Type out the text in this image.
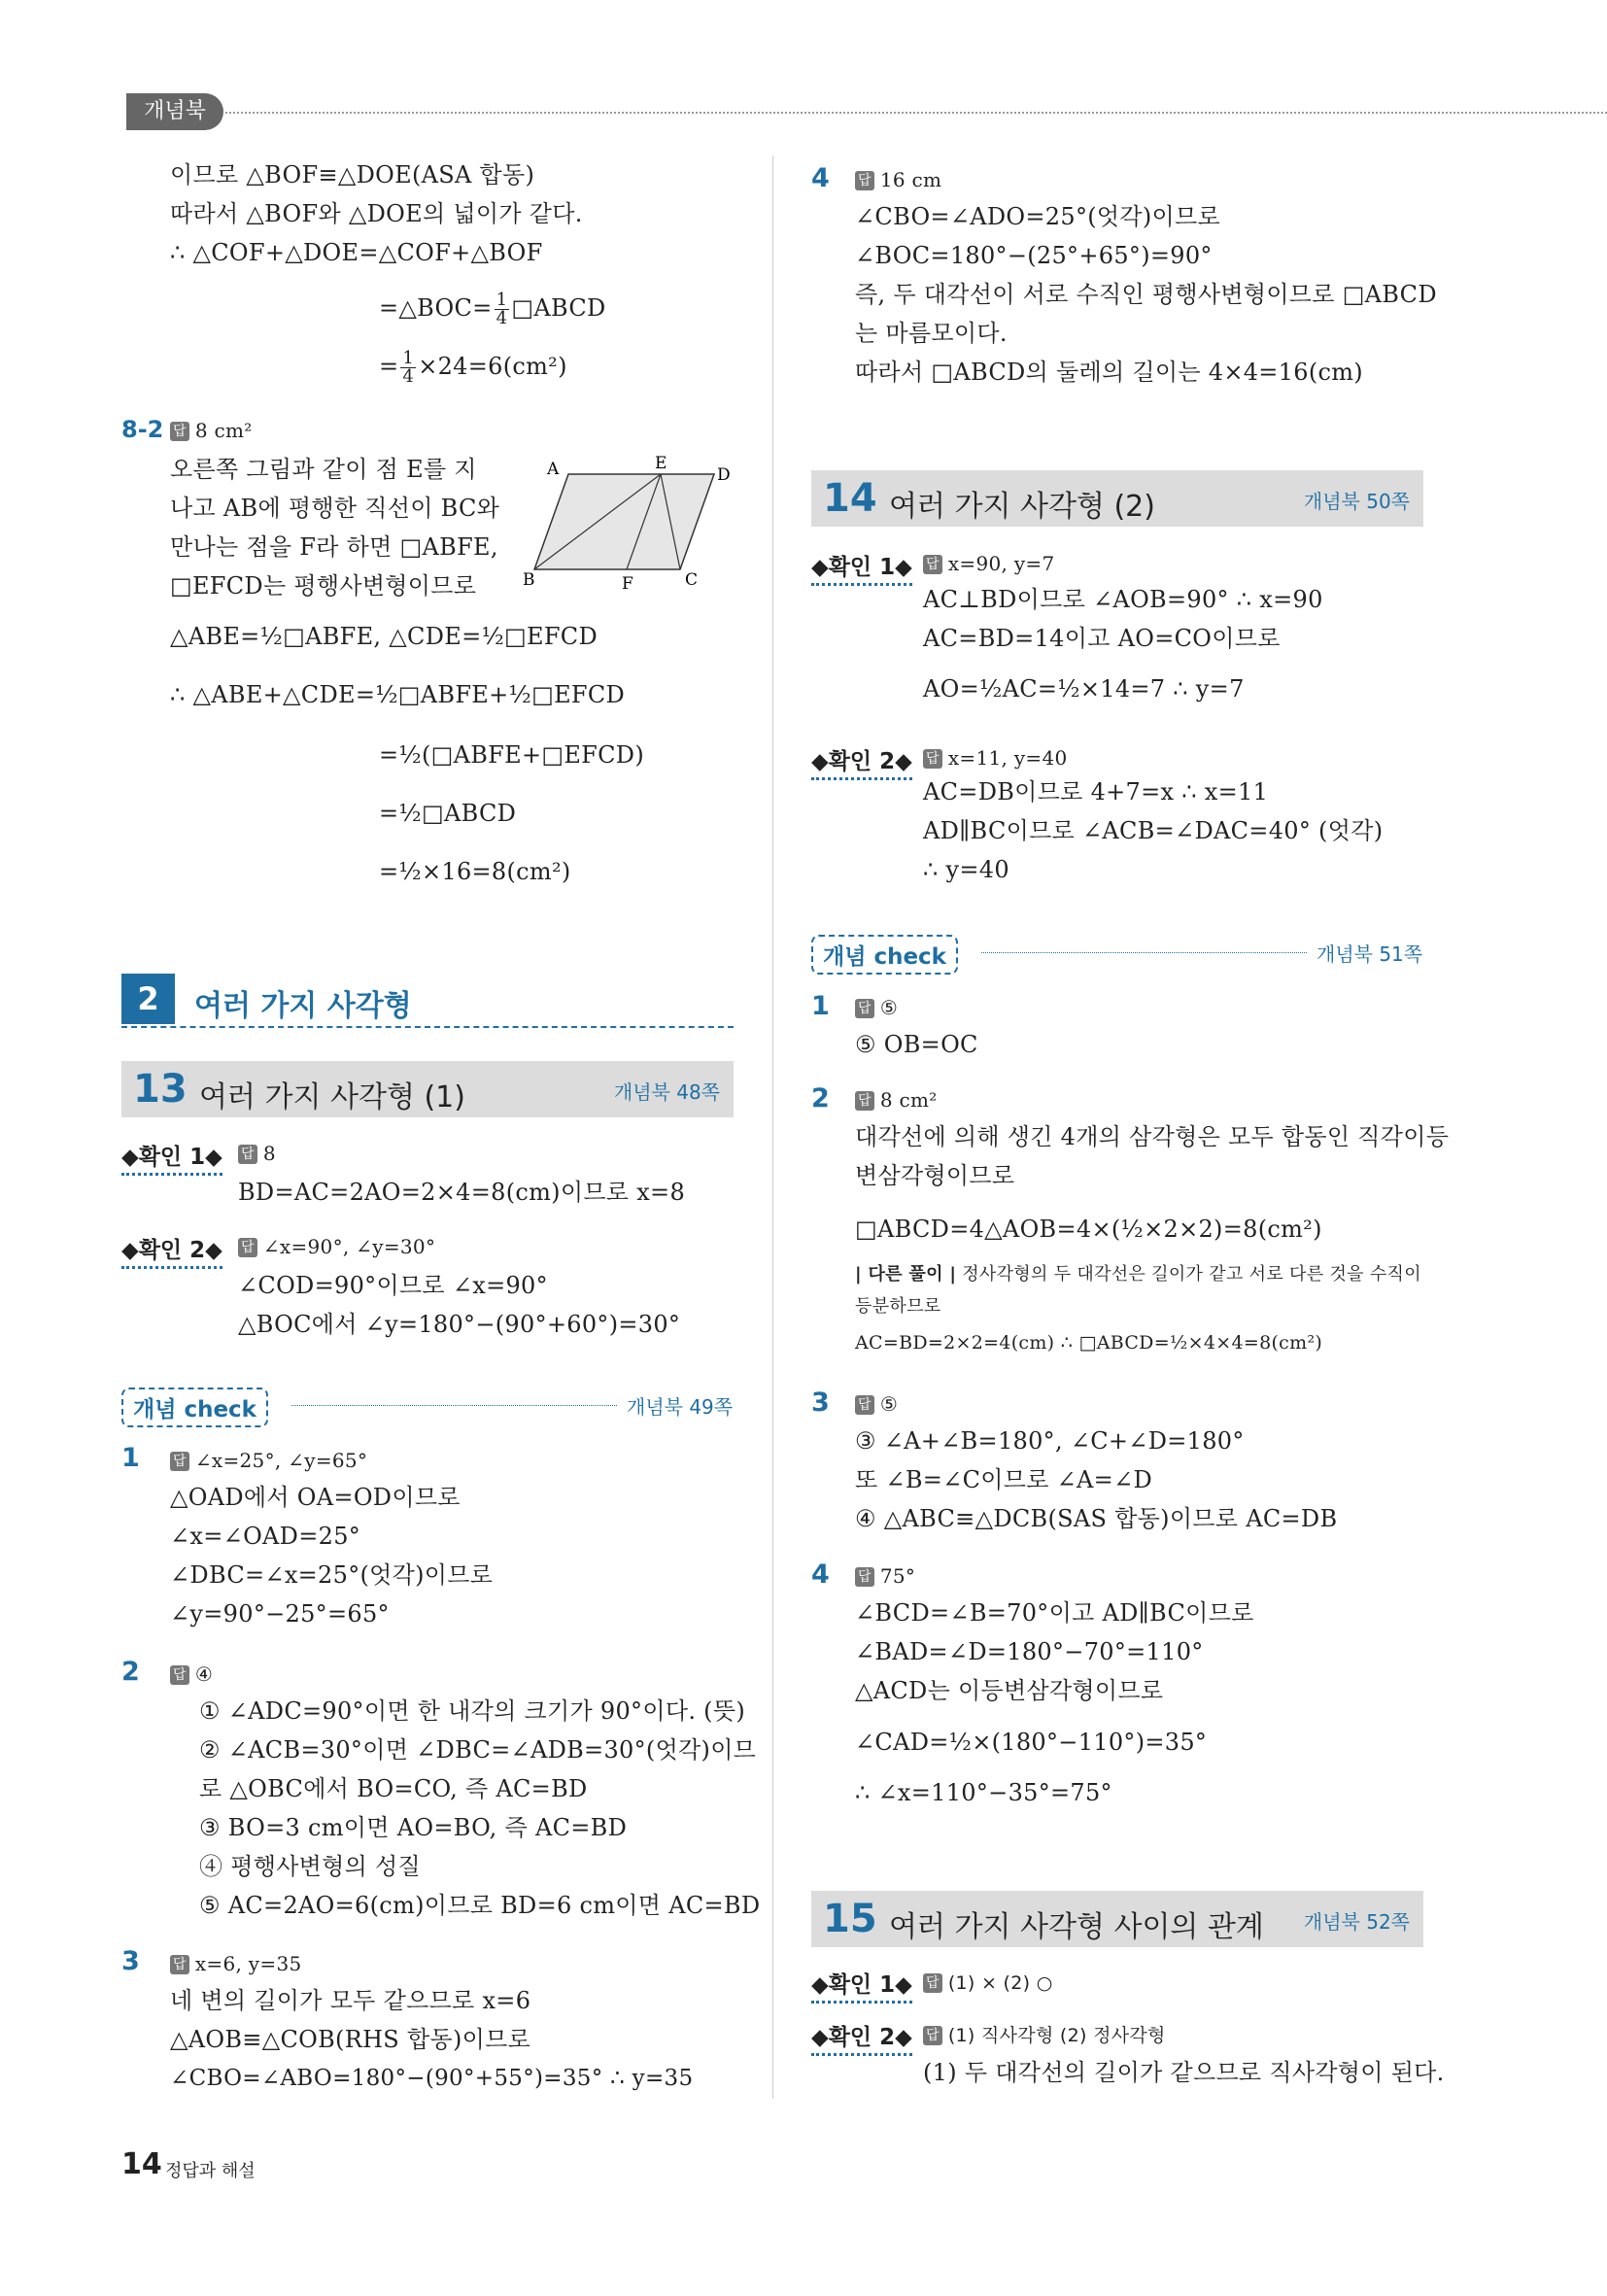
개념북
이므로 △BOF≡△DOE(ASA 합동)
따라서 △BOF와 △DOE의 넓이가 같다.
∴ △COF+△DOE=△COF+△BOF
=△BOC= $\frac{1}{4}$ □ABCD
= $\frac{1}{4} \times 24=6(cm^2)$
8-2 답 8 cm²
오른쪽 그림과 같이 점 E를 지
나고 AB에 평행한 직선이 BC와
만나는 점을 F라 하면 □ABFE,
□EFCD는 평행사변형이므로
A	E
D
B	F	C
△ABE=½□ABFE, △CDE=½□EFCD
∴ △ABE+△CDE=½□ABFE+½□EFCD
=½(□ABFE+□EFCD)
=½□ABCD
=½×16=8(cm²)
2	여러 가지 사각형
13 여러 가지 사각형 (1)	개념북 48쪽
◆확인 1◆ 답 8
BD=AC=2AO=2×4=8(cm)이므로 x=8
◆확인 2◆ 답 ∠x=90°, ∠y=30°
∠COD=90°이므로 ∠x=90°
△BOC에서 ∠y=180°−(90°+60°)=30°
개념 check	개념북 49쪽
1 답 ∠x=25°, ∠y=65°
△OAD에서 OA=OD이므로
∠x=∠OAD=25°
∠DBC=∠x=25°(엇각)이므로
∠y=90°−25°=65°
2 답 ④
① ∠ADC=90°이면 한 내각의 크기가 90°이다. (뜻)
② ∠ACB=30°이면 ∠DBC=∠ADB=30°(엇각)이므
로 △OBC에서 BO=CO, 즉 AC=BD
③ BO=3 cm이면 AO=BO, 즉 AC=BD
④ 평행사변형의 성질
⑤ AC=2AO=6(cm)이므로 BD=6 cm이면 AC=BD
3 답 x=6, y=35
네 변의 길이가 모두 같으므로 x=6
△AOB≡△COB(RHS 합동)이므로
∠CBO=∠ABO=180°−(90°+55°)=35° ∴ y=35
4 답 16 cm
∠CBO=∠ADO=25°(엇각)이므로
∠BOC=180°−(25°+65°)=90°
즉, 두 대각선이 서로 수직인 평행사변형이므로 □ABCD
는 마름모이다.
따라서 □ABCD의 둘레의 길이는 4×4=16(cm)
14 여러 가지 사각형 (2)	개념북 50쪽
◆확인 1◆ 답 x=90, y=7
AC⊥BD이므로 ∠AOB=90° ∴ x=90
AC=BD=14이고 AO=CO이므로
AO=½AC=½×14=7 ∴ y=7
◆확인 2◆ 답 x=11, y=40
AC=DB이므로 4+7=x ∴ x=11
AD∥BC이므로 ∠ACB=∠DAC=40° (엇각)
∴ y=40
개념 check	개념북 51쪽
1 답 ⑤
⑤ OB=OC
2 답 8 cm²
대각선에 의해 생긴 4개의 삼각형은 모두 합동인 직각이등
변삼각형이므로
□ABCD=4△AOB=4×(½×2×2)=8(cm²)
| 다른 풀이 | 정사각형의 두 대각선은 길이가 같고 서로 다른 것을 수직이
등분하므로
AC=BD=2×2=4(cm) ∴ □ABCD=½×4×4=8(cm²)
3 답 ⑤
③ ∠A+∠B=180°, ∠C+∠D=180°
또 ∠B=∠C이므로 ∠A=∠D
④ △ABC≡△DCB(SAS 합동)이므로 AC=DB
4 답 75°
∠BCD=∠B=70°이고 AD∥BC이므로
∠BAD=∠D=180°−70°=110°
△ACD는 이등변삼각형이므로
∠CAD=½×(180°−110°)=35°
∴ ∠x=110°−35°=75°
15 여러 가지 사각형 사이의 관계 개념북 52쪽
◆확인 1◆ 답 (1) × (2) ○
◆확인 2◆ 답 (1) 직사각형 (2) 정사각형
(1) 두 대각선의 길이가 같으므로 직사각형이 된다.
14 정답과 해설
